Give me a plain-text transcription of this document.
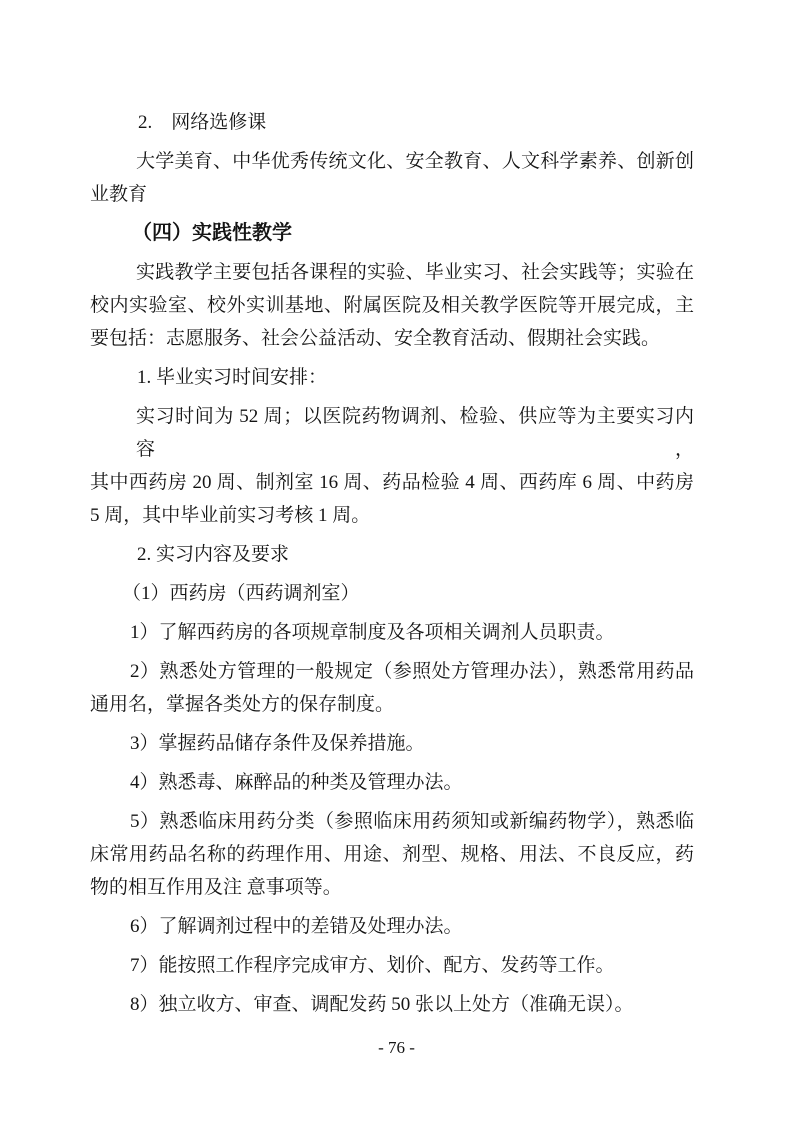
2.　网络选修课
大学美育、中华优秀传统文化、安全教育、人文科学素养、创新创
业教育
（四）实践性教学
实践教学主要包括各课程的实验、毕业实习、社会实践等；实验在
校内实验室、校外实训基地、附属医院及相关教学医院等开展完成，主
要包括：志愿服务、社会公益活动、安全教育活动、假期社会实践。
1. 毕业实习时间安排：
实习时间为 52 周；以医院药物调剂、检验、供应等为主要实习内容，
其中西药房 20 周、制剂室 16 周、药品检验 4 周、西药库 6 周、中药房
5 周，其中毕业前实习考核 1 周。
2. 实习内容及要求
（1）西药房（西药调剂室）
1）了解西药房的各项规章制度及各项相关调剂人员职责。
2）熟悉处方管理的一般规定（参照处方管理办法），熟悉常用药品
通用名，掌握各类处方的保存制度。
3）掌握药品储存条件及保养措施。
4）熟悉毒、麻醉品的种类及管理办法。
5）熟悉临床用药分类（参照临床用药须知或新编药物学），熟悉临
床常用药品名称的药理作用、用途、剂型、规格、用法、不良反应，药
物的相互作用及注 意事项等。
6）了解调剂过程中的差错及处理办法。
7）能按照工作程序完成审方、划价、配方、发药等工作。
8）独立收方、审查、调配发药 50 张以上处方（准确无误）。
- 76 -
